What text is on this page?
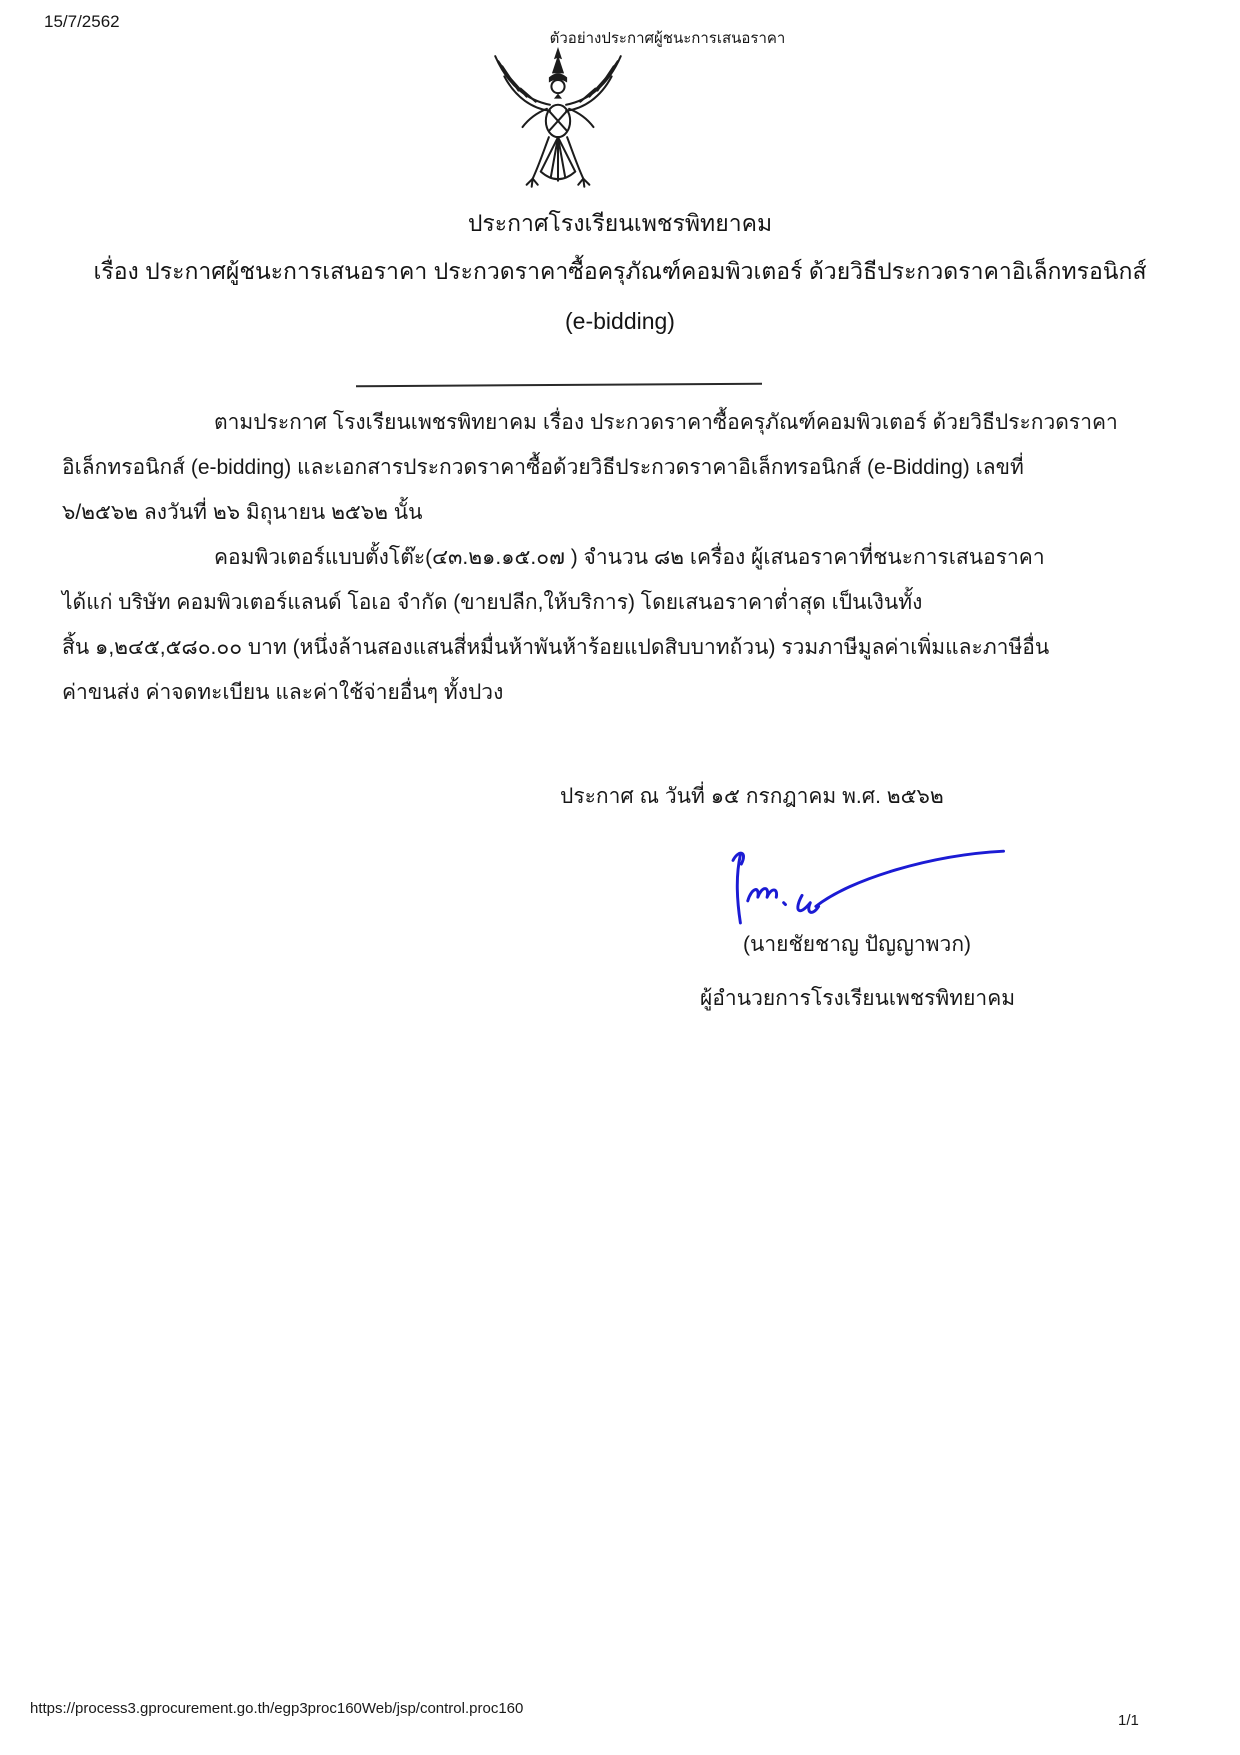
15/7/2562
ตัวอย่างประกาศผู้ชนะการเสนอราคา
ประกาศโรงเรียนเพชรพิทยาคม
เรื่อง ประกาศผู้ชนะการเสนอราคา ประกวดราคาซื้อครุภัณฑ์คอมพิวเตอร์ ด้วยวิธีประกวดราคาอิเล็กทรอนิกส์
(e-bidding)
ตามประกาศ โรงเรียนเพชรพิทยาคม เรื่อง ประกวดราคาซื้อครุภัณฑ์คอมพิวเตอร์ ด้วยวิธีประกวดราคา
อิเล็กทรอนิกส์ (e-bidding) และเอกสารประกวดราคาซื้อด้วยวิธีประกวดราคาอิเล็กทรอนิกส์ (e-Bidding) เลขที่
๖/๒๕๖๒ ลงวันที่ ๒๖ มิถุนายน ๒๕๖๒ นั้น
คอมพิวเตอร์แบบตั้งโต๊ะ(๔๓.๒๑.๑๕.๐๗ ) จำนวน ๘๒ เครื่อง ผู้เสนอราคาที่ชนะการเสนอราคา
ได้แก่ บริษัท คอมพิวเตอร์แลนด์ โอเอ จำกัด (ขายปลีก,ให้บริการ) โดยเสนอราคาต่ำสุด เป็นเงินทั้ง
สิ้น ๑,๒๔๕,๕๘๐.๐๐ บาท (หนึ่งล้านสองแสนสี่หมื่นห้าพันห้าร้อยแปดสิบบาทถ้วน) รวมภาษีมูลค่าเพิ่มและภาษีอื่น
ค่าขนส่ง ค่าจดทะเบียน และค่าใช้จ่ายอื่นๆ ทั้งปวง
ประกาศ ณ วันที่ ๑๕ กรกฎาคม พ.ศ. ๒๕๖๒
(นายชัยชาญ ปัญญาพวก)
ผู้อำนวยการโรงเรียนเพชรพิทยาคม
https://process3.gprocurement.go.th/egp3proc160Web/jsp/control.proc160
1/1
